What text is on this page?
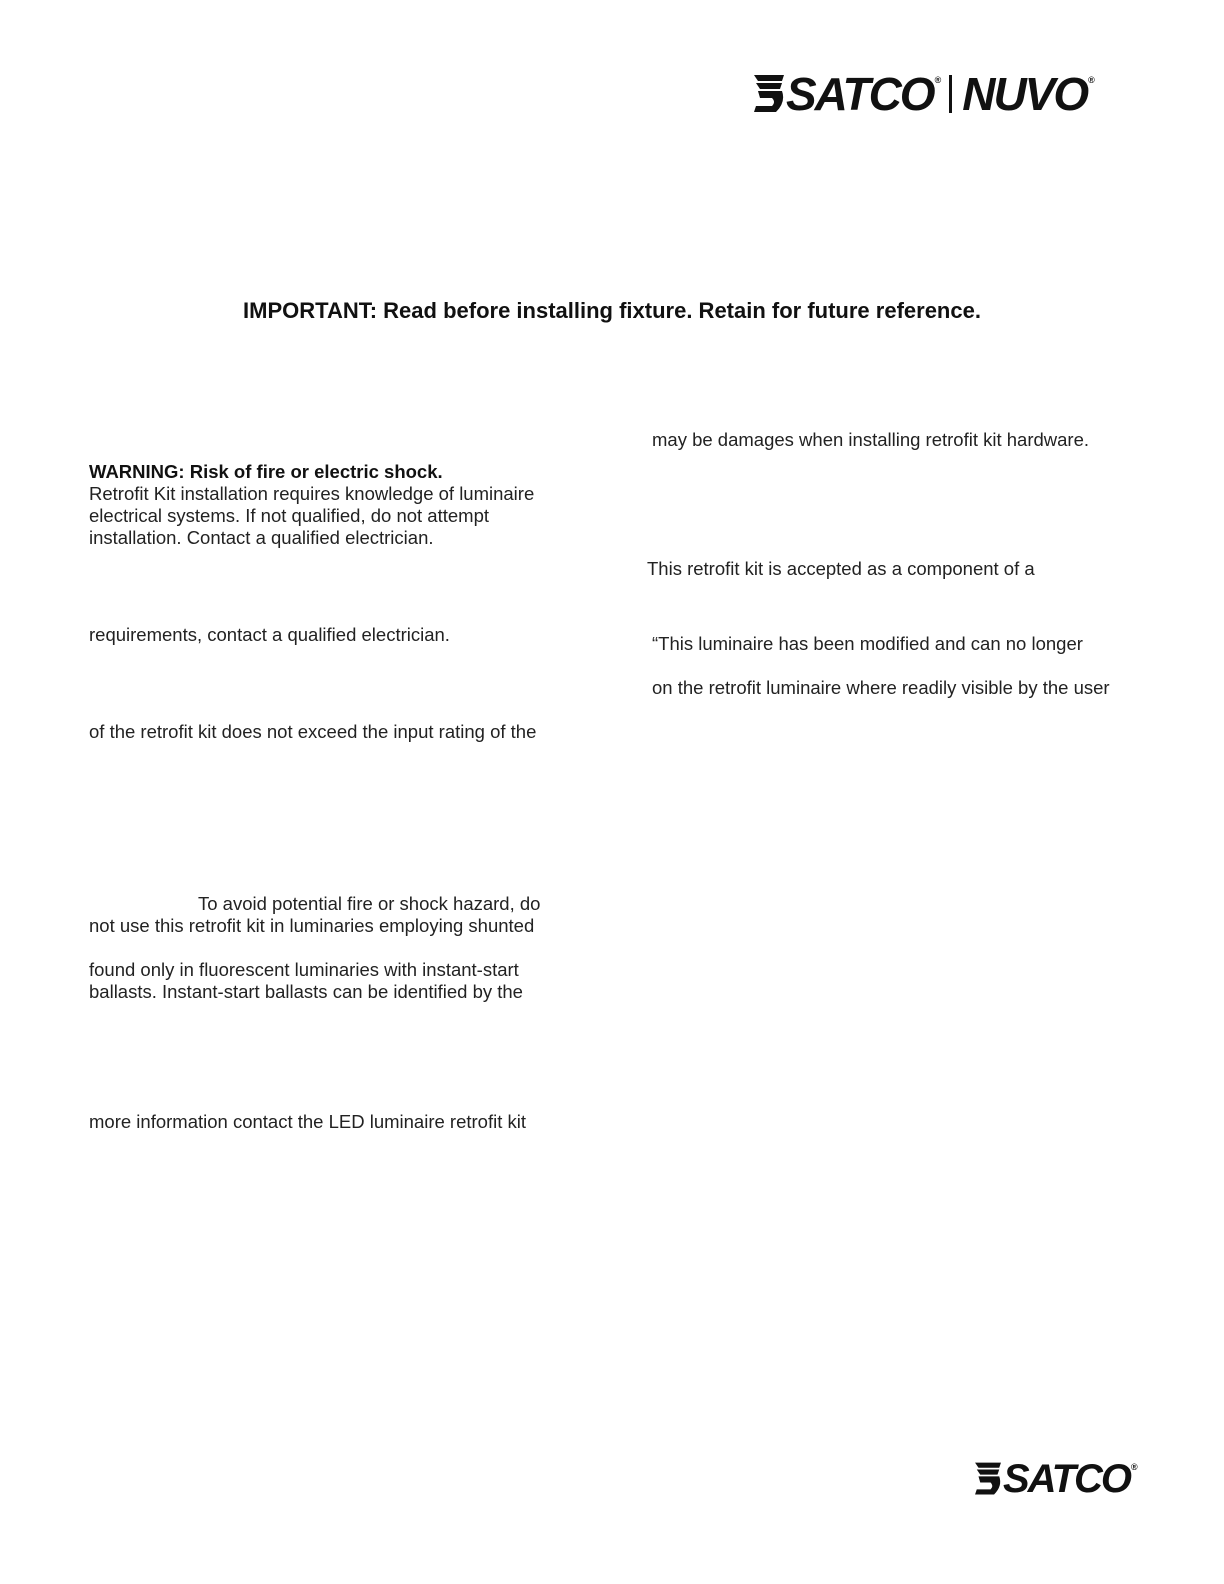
SATCO ® NUVO ®
IMPORTANT: Read before installing fixture. Retain for future reference.
WARNING: Risk of fire or electric shock.
Retrofit Kit installation requires knowledge of luminaire
electrical systems. If not qualified, do not attempt
installation. Contact a qualified electrician.
requirements, contact a qualified electrician.
of the retrofit kit does not exceed the input rating of the
To avoid potential fire or shock hazard, do
not use this retrofit kit in luminaries employing shunted
found only in fluorescent luminaries with instant-start
ballasts. Instant-start ballasts can be identified by the
more information contact the LED luminaire retrofit kit
may be damages when installing retrofit kit hardware.
This retrofit kit is accepted as a component of a
“This luminaire has been modified and can no longer
on the retrofit luminaire where readily visible by the user
SATCO ®
